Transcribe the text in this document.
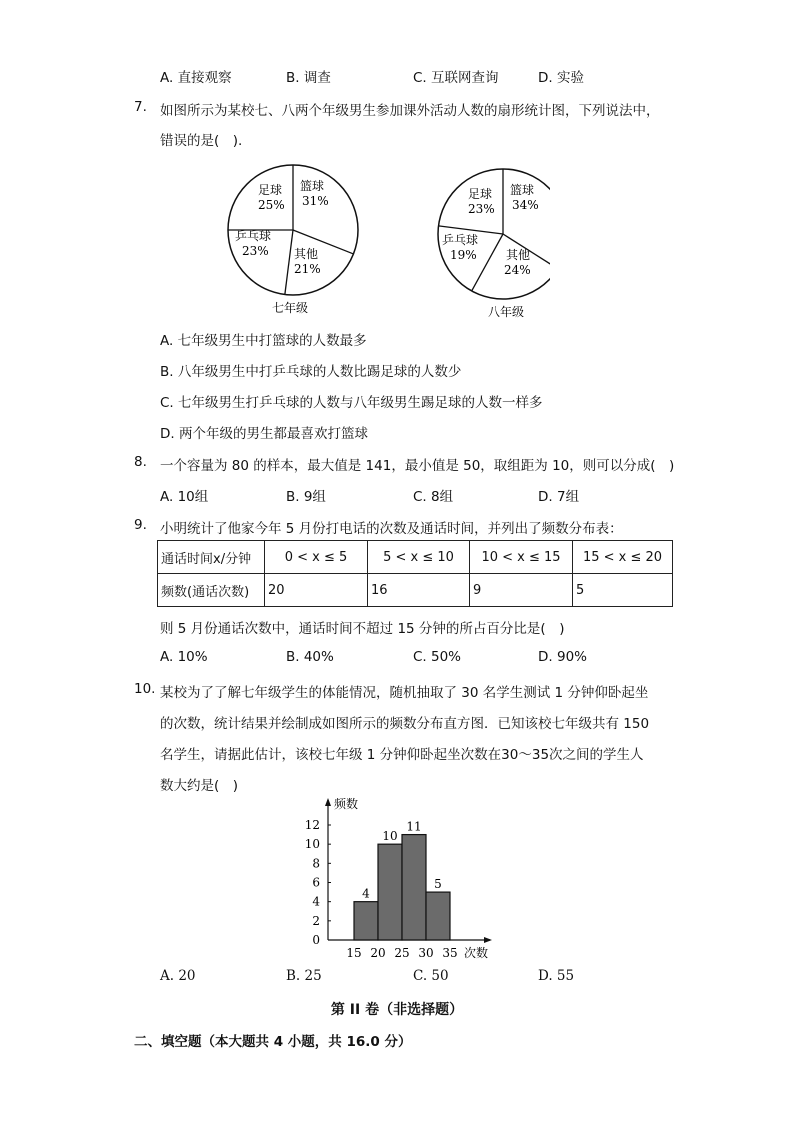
A. 直接观察	B. 调查	C. 互联网查询	D. 实验
7. 如图所示为某校七、八两个年级男生参加课外活动人数的扇形统计图，下列说法中，
错误的是(　).
足球
25%
篮球
31%
乒乓球
23% 其他
21%
七年级
足球
23%
篮球
34%
乒乓球
19% 其他
24%
八年级
A. 七年级男生中打篮球的人数最多
B. 八年级男生中打乒乓球的人数比踢足球的人数少
C. 七年级男生打乒乓球的人数与八年级男生踢足球的人数一样多
D. 两个年级的男生都最喜欢打篮球
8. 一个容量为 80 的样本，最大值是 141，最小值是 50，取组距为 10，则可以分成(　)
A. 10组	B. 9组	C. 8组	D. 7组
9. 小明统计了他家今年 5 月份打电话的次数及通话时间，并列出了频数分布表：
通话时间x/分钟	0 < x ≤ 5	5 < x ≤ 10	10 < x ≤ 15	15 < x ≤ 20
频数(通话次数)	20	16	9	5
则 5 月份通话次数中，通话时间不超过 15 分钟的所占百分比是(　)
A. 10%	B. 40%	C. 50%	D. 90%
10. 某校为了了解七年级学生的体能情况，随机抽取了 30 名学生测试 1 分钟仰卧起坐
的次数，统计结果并绘制成如图所示的频数分布直方图．已知该校七年级共有 150
名学生，请据此估计，该校七年级 1 分钟仰卧起坐次数在30～35次之间的学生人
数大约是(　)
频数
次数
0
2
4
6
8
10
12
4
10
11
5
15 20 25 30 35
A. 20	B. 25	C. 50	D. 55
第 II 卷（非选择题）
二、填空题（本大题共 4 小题，共 16.0 分）
